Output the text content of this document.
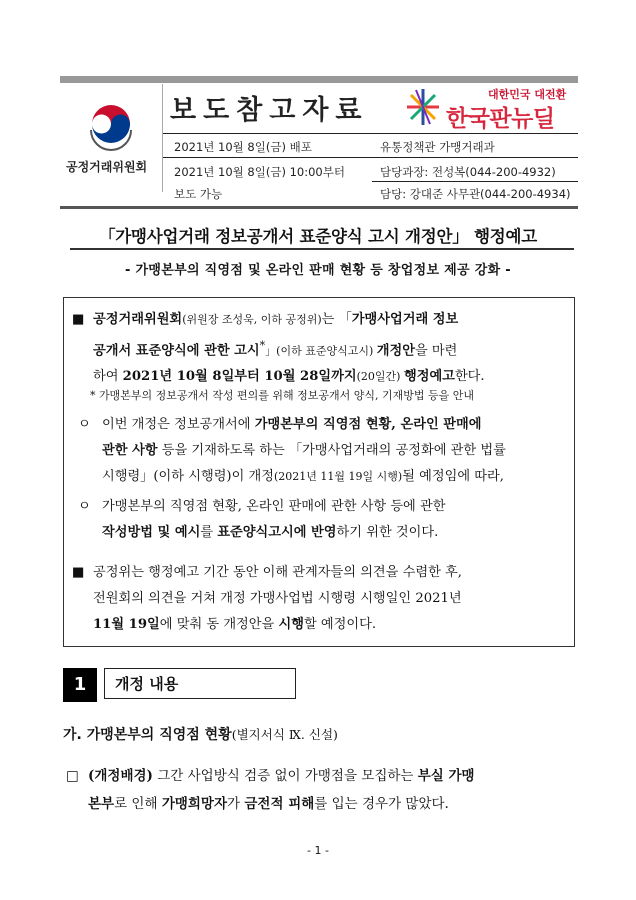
공정거래위원회
보도참고자료
대한민국 대전환
한국판뉴딜
2021년 10월 8일(금) 배포	유통정책관 가맹거래과
2021년 10월 8일(금) 10:00부터
보도 가능
담당과장: 전성복(044-200-4932)
담당: 강대준 사무관(044-200-4934)
「가맹사업거래 정보공개서 표준양식 고시 개정안」 행정예고
- 가맹본부의 직영점 및 온라인 판매 현황 등 창업정보 제공 강화 -
■ 공정거래위원회(위원장 조성욱, 이하 공정위)는 「가맹사업거래 정보
공개서 표준양식에 관한 고시*」(이하 표준양식고시) 개정안을 마련
하여 2021년 10월 8일부터 10월 28일까지(20일간) 행정예고한다.
* 가맹본부의 정보공개서 작성 편의를 위해 정보공개서 양식, 기재방법 등을 안내
ㅇ 이번 개정은 정보공개서에 가맹본부의 직영점 현황, 온라인 판매에
관한 사항 등을 기재하도록 하는 「가맹사업거래의 공정화에 관한 법률
시행령」(이하 시행령)이 개정(2021년 11월 19일 시행)될 예정임에 따라,
ㅇ 가맹본부의 직영점 현황, 온라인 판매에 관한 사항 등에 관한
작성방법 및 예시를 표준양식고시에 반영하기 위한 것이다.
■ 공정위는 행정예고 기간 동안 이해 관계자들의 의견을 수렴한 후,
전원회의 의견을 거쳐 개정 가맹사업법 시행령 시행일인 2021년
11월 19일에 맞춰 동 개정안을 시행할 예정이다.
1	개정 내용
가. 가맹본부의 직영점 현황(별지서식 Ⅸ. 신설)
□ (개정배경) 그간 사업방식 검증 없이 가맹점을 모집하는 부실 가맹
본부로 인해 가맹희망자가 금전적 피해를 입는 경우가 많았다.
- 1 -
